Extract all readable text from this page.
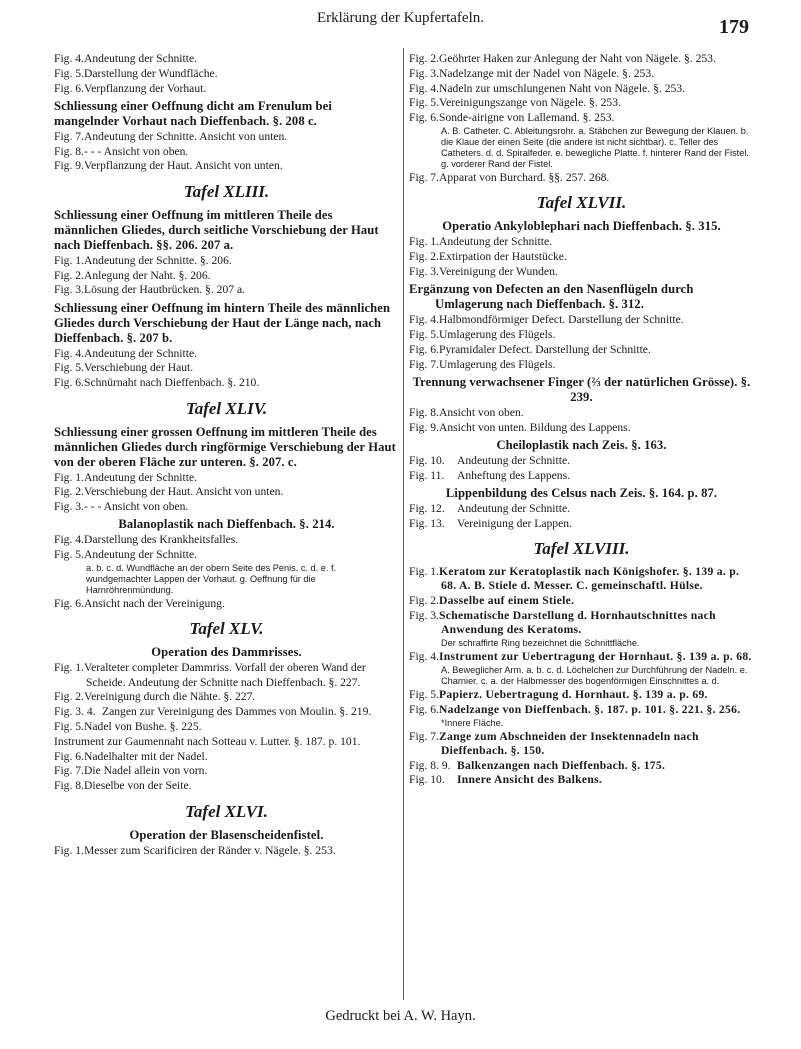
Erklärung der Kupfertafeln.	179
Fig. 4.Andeutung der Schnitte.
Fig. 5.Darstellung der Wundfläche.
Fig. 6.Verpflanzung der Vorhaut.
Schliessung einer Oeffnung dicht am Frenulum bei mangelnder Vorhaut nach Dieffenbach. §. 208 c.
Fig. 7.Andeutung der Schnitte. Ansicht von unten.
Fig. 8.- - - Ansicht von oben.
Fig. 9.Verpflanzung der Haut. Ansicht von unten.
Tafel XLIII.
Schliessung einer Oeffnung im mittleren Theile des männlichen Gliedes, durch seitliche Vorschiebung der Haut nach Dieffenbach. §§. 206. 207 a.
Fig. 1.Andeutung der Schnitte. §. 206.
Fig. 2.Anlegung der Naht. §. 206.
Fig. 3.Lösung der Hautbrücken. §. 207 a.
Schliessung einer Oeffnung im hintern Theile des männlichen Gliedes durch Verschiebung der Haut der Länge nach, nach Dieffenbach. §. 207 b.
Fig. 4.Andeutung der Schnitte.
Fig. 5.Verschiebung der Haut.
Fig. 6.Schnürnaht nach Dieffenbach. §. 210.
Tafel XLIV.
Schliessung einer grossen Oeffnung im mittleren Theile des männlichen Gliedes durch ringförmige Verschiebung der Haut von der oberen Fläche zur unteren. §. 207. c.
Fig. 1.Andeutung der Schnitte.
Fig. 2.Verschiebung der Haut. Ansicht von unten.
Fig. 3.- - - Ansicht von oben.
Balanoplastik nach Dieffenbach. §. 214.
Fig. 4.Darstellung des Krankheitsfalles.
Fig. 5.Andeutung der Schnitte.
a. b. c. d. Wundfläche an der obern Seite des Penis. c. d. e. f. wundgemachter Lappen der Vorhaut. g. Oeffnung für die Harnröhrenmündung.
Fig. 6.Ansicht nach der Vereinigung.
Tafel XLV.
Operation des Dammrisses.
Fig. 1.Veralteter completer Dammriss. Vorfall der oberen Wand der Scheide. Andeutung der Schnitte nach Dieffenbach. §. 227.
Fig. 2.Vereinigung durch die Nähte. §. 227.
Fig. 3. 4. Zangen zur Vereinigung des Dammes von Moulin. §. 219.
Fig. 5.Nadel von Bushe. §. 225.
Instrument zur Gaumennaht nach Sotteau v. Lutter. §. 187. p. 101.
Fig. 6.Nadelhalter mit der Nadel.
Fig. 7.Die Nadel allein von vorn.
Fig. 8.Dieselbe von der Seite.
Tafel XLVI.
Operation der Blasenscheidenfistel.
Fig. 1.Messer zum Scarificiren der Ränder v. Nägele. §. 253.
Fig. 2.Geöhrter Haken zur Anlegung der Naht von Nägele. §. 253.
Fig. 3.Nadelzange mit der Nadel von Nägele. §. 253.
Fig. 4.Nadeln zur umschlungenen Naht von Nägele. §. 253.
Fig. 5.Vereinigungszange von Nägele. §. 253.
Fig. 6.Sonde-airigne von Lallemand. §. 253.
A. B. Catheter. C. Ableitungsrohr. a. Stäbchen zur Bewegung der Klauen. b. die Klaue der einen Seite (die andere ist nicht sichtbar). c. Teller des Catheters. d. d. Spiralfeder. e. bewegliche Platte. f. hinterer Rand der Fistel. g. vorderer Rand der Fistel.
Fig. 7.Apparat von Burchard. §§. 257. 268.
Tafel XLVII.
Operatio Ankyloblephari nach Dieffenbach. §. 315.
Fig. 1.Andeutung der Schnitte.
Fig. 2.Extirpation der Hautstücke.
Fig. 3.Vereinigung der Wunden.
Ergänzung von Defecten an den Nasenflügeln durch Umlagerung nach Dieffenbach. §. 312.
Fig. 4.Halbmondförmiger Defect. Darstellung der Schnitte.
Fig. 5.Umlagerung des Flügels.
Fig. 6.Pyramidaler Defect. Darstellung der Schnitte.
Fig. 7.Umlagerung des Flügels.
Trennung verwachsener Finger (⅔ der natürlichen Grösse). §. 239.
Fig. 8.Ansicht von oben.
Fig. 9.Ansicht von unten. Bildung des Lappens.
Cheiloplastik nach Zeis. §. 163.
Fig. 10. Andeutung der Schnitte.
Fig. 11. Anheftung des Lappens.
Lippenbildung des Celsus nach Zeis. §. 164. p. 87.
Fig. 12. Andeutung der Schnitte.
Fig. 13. Vereinigung der Lappen.
Tafel XLVIII.
Fig. 1.Keratom zur Keratoplastik nach Königshofer. §. 139 a. p. 68. A. B. Stiele d. Messer. C. gemeinschaftl. Hülse.
Fig. 2.Dasselbe auf einem Stiele.
Fig. 3.Schematische Darstellung d. Hornhautschnittes nach Anwendung des Keratoms.
Der schraffirte Ring bezeichnet die Schnittfläche.
Fig. 4.Instrument zur Uebertragung der Hornhaut. §. 139 a. p. 68.
A. Beweglicher Arm. a. b. c. d. Löchelchen zur Durchführung der Nadeln. e. Charnier. c. a. der Halbmesser des bogenförmigen Einschnittes a. d.
Fig. 5.Papierz. Uebertragung d. Hornhaut. §. 139 a. p. 69.
Fig. 6.Nadelzange von Dieffenbach. §. 187. p. 101. §. 221. §. 256.
*Innere Fläche.
Fig. 7.Zange zum Abschneiden der Insektennadeln nach Dieffenbach. §. 150.
Fig. 8. 9. Balkenzangen nach Dieffenbach. §. 175.
Fig. 10. Innere Ansicht des Balkens.
Gedruckt bei A. W. Hayn.
